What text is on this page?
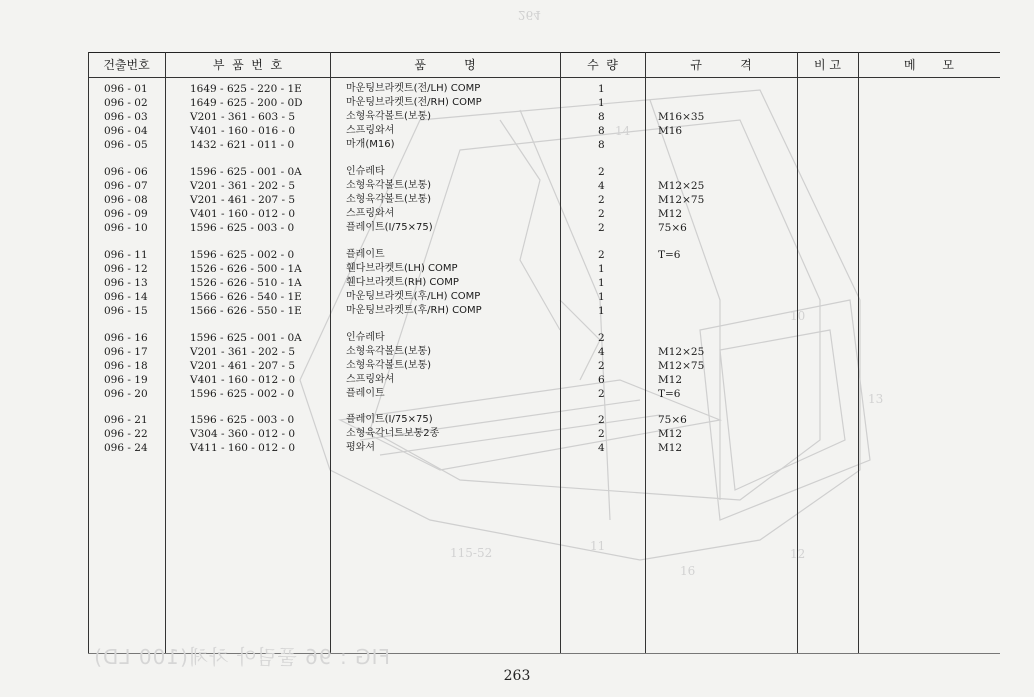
115-52
14
10
13
16
12
11
264
건출번호	부  품  번  호	품          명	수  량	규          격	비 고	메       모
096 - 01	1649 - 625 - 220 - 1E	마운팅브라켓트(전/LH) COMP	1
096 - 02	1649 - 625 - 200 - 0D	마운팅브라켓트(전/RH) COMP	1
096 - 03	V201 - 361 - 603 - 5	소형육각볼트(보통)	8	M16×35
096 - 04	V401 - 160 - 016 - 0	스프링와셔	8	M16
096 - 05	1432 - 621 - 011 - 0	마개(M16)	8
096 - 06	1596 - 625 - 001 - 0A	인슈레타	2
096 - 07	V201 - 361 - 202 - 5	소형육각볼트(보통)	4	M12×25
096 - 08	V201 - 461 - 207 - 5	소형육각볼트(보통)	2	M12×75
096 - 09	V401 - 160 - 012 - 0	스프링와셔	2	M12
096 - 10	1596 - 625 - 003 - 0	플레이트(I/75×75)	2	75×6
096 - 11	1596 - 625 - 002 - 0	플레이트	2	T=6
096 - 12	1526 - 626 - 500 - 1A	휀다브라켓트(LH) COMP	1
096 - 13	1526 - 626 - 510 - 1A	휀다브라켓트(RH) COMP	1
096 - 14	1566 - 626 - 540 - 1E	마운팅브라켓트(후/LH) COMP	1
096 - 15	1566 - 626 - 550 - 1E	마운팅브라켓트(후/RH) COMP	1
096 - 16	1596 - 625 - 001 - 0A	인슈레타	2
096 - 17	V201 - 361 - 202 - 5	소형육각볼트(보통)	4	M12×25
096 - 18	V201 - 461 - 207 - 5	소형육각볼트(보통)	2	M12×75
096 - 19	V401 - 160 - 012 - 0	스프링와셔	6	M12
096 - 20	1596 - 625 - 002 - 0	플레이트	2	T=6
096 - 21	1596 - 625 - 003 - 0	플레이트(I/75×75)	2	75×6
096 - 22	V304 - 360 - 012 - 0	소형육각너트보통2종	2	M12
096 - 24	V411 - 160 - 012 - 0	평와셔	4	M12
FIG : 96 풀림아 차체(100 LD)
263
